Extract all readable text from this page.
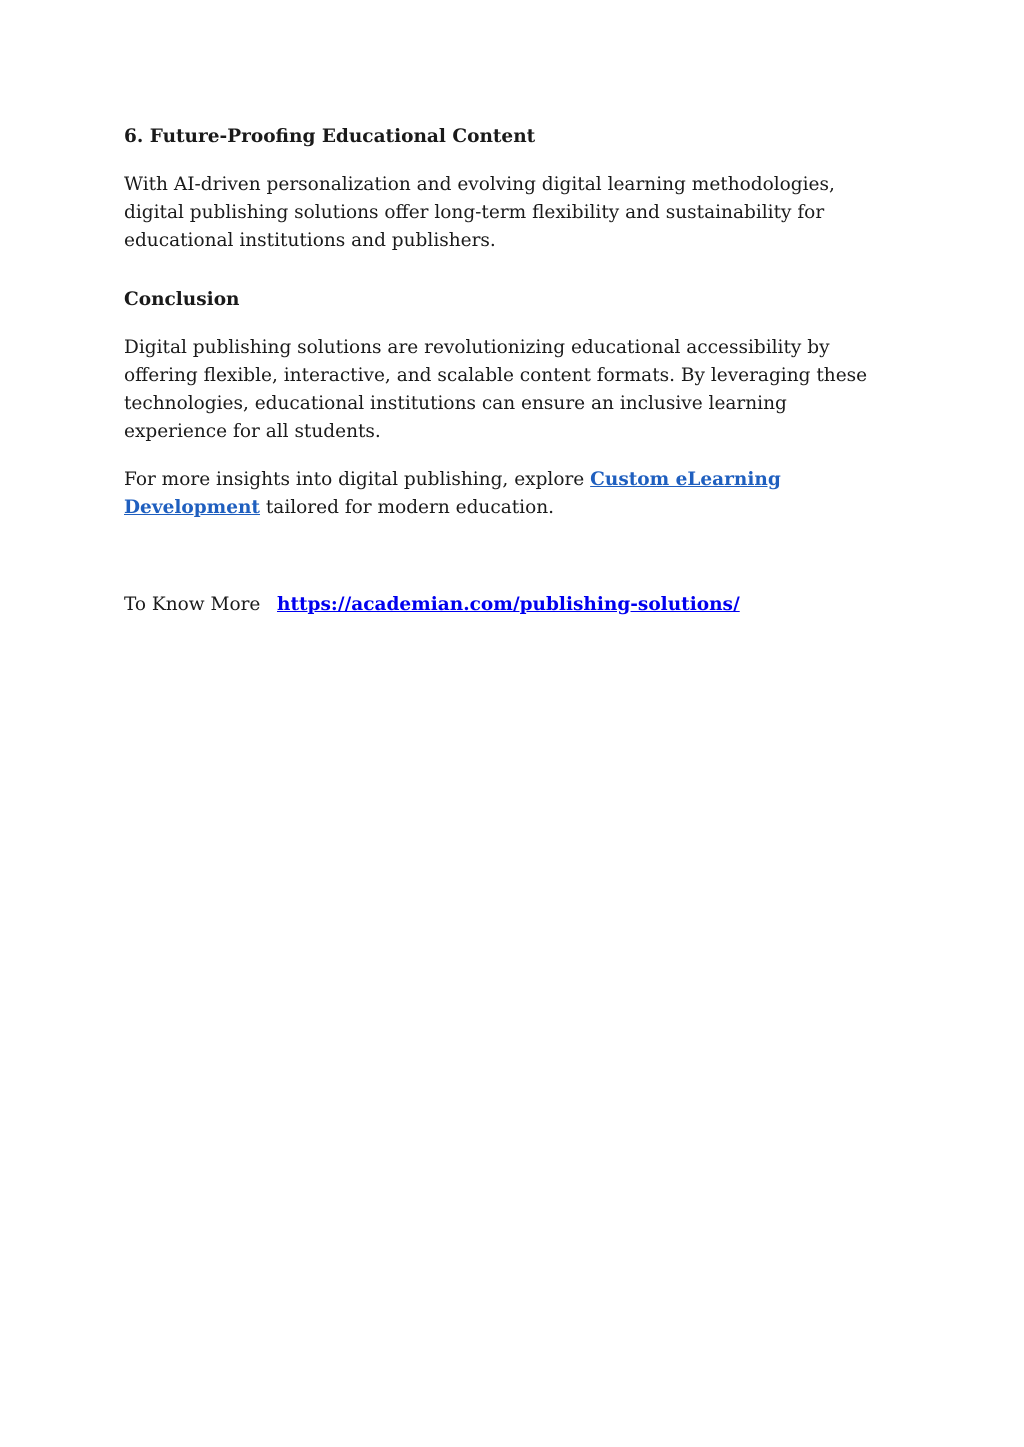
6. Future-Proofing Educational Content

With AI-driven personalization and evolving digital learning methodologies, digital publishing solutions offer long-term flexibility and sustainability for educational institutions and publishers.

Conclusion

Digital publishing solutions are revolutionizing educational accessibility by offering flexible, interactive, and scalable content formats. By leveraging these technologies, educational institutions can ensure an inclusive learning experience for all students.

For more insights into digital publishing, explore Custom eLearning Development tailored for modern education.

To Know More https://academian.com/publishing-solutions/
